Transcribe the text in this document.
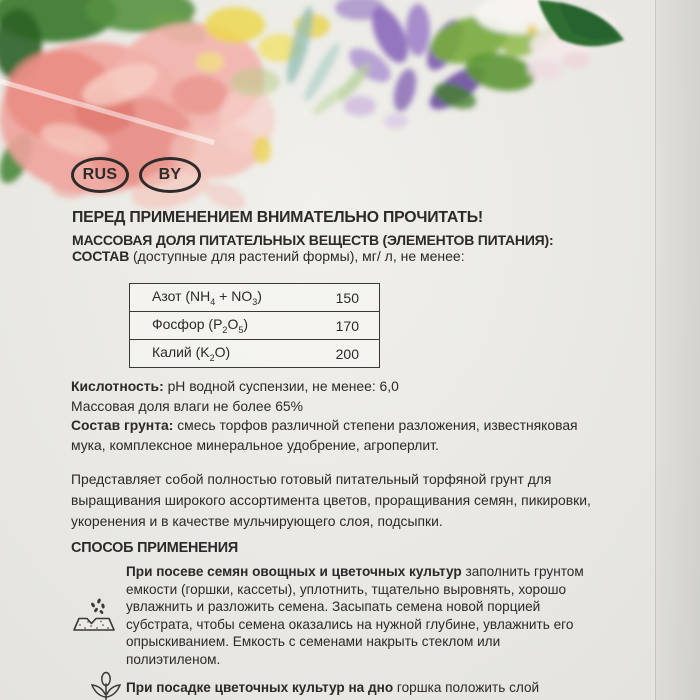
RUS	BY
ПЕРЕД ПРИМЕНЕНИЕМ ВНИМАТЕЛЬНО ПРОЧИТАТЬ!
МАССОВАЯ ДОЛЯ ПИТАТЕЛЬНЫХ ВЕЩЕСТВ (ЭЛЕМЕНТОВ ПИТАНИЯ):
СОСТАВ (доступные для растений формы), мг/ л, не менее:
Азот $(NH_4 + NO_3)$	150
Фосфор $(P_2O_5)$	170
Калий $(K_2O)$	200
Кислотность: pH водной суспензии, не менее: 6,0
Массовая доля влаги не более 65%
Состав грунта: смесь торфов различной степени разложения, известняковая
мука, комплексное минеральное удобрение, агроперлит.
Представляет собой полностью готовый питательный торфяной грунт для
выращивания широкого ассортимента цветов, проращивания семян, пикировки,
укоренения и в качестве мульчирующего слоя, подсыпки.
СПОСОБ ПРИМЕНЕНИЯ
При посеве семян овощных и цветочных культур заполнить грунтом
емкости (горшки, кассеты), уплотнить, тщательно выровнять, хорошо
увлажнить и разложить семена. Засыпать семена новой порцией
субстрата, чтобы семена оказались на нужной глубине, увлажнить его
опрыскиванием. Емкость с семенами накрыть стеклом или
полиэтиленом.
При посадке цветочных культур на дно горшка положить слой
